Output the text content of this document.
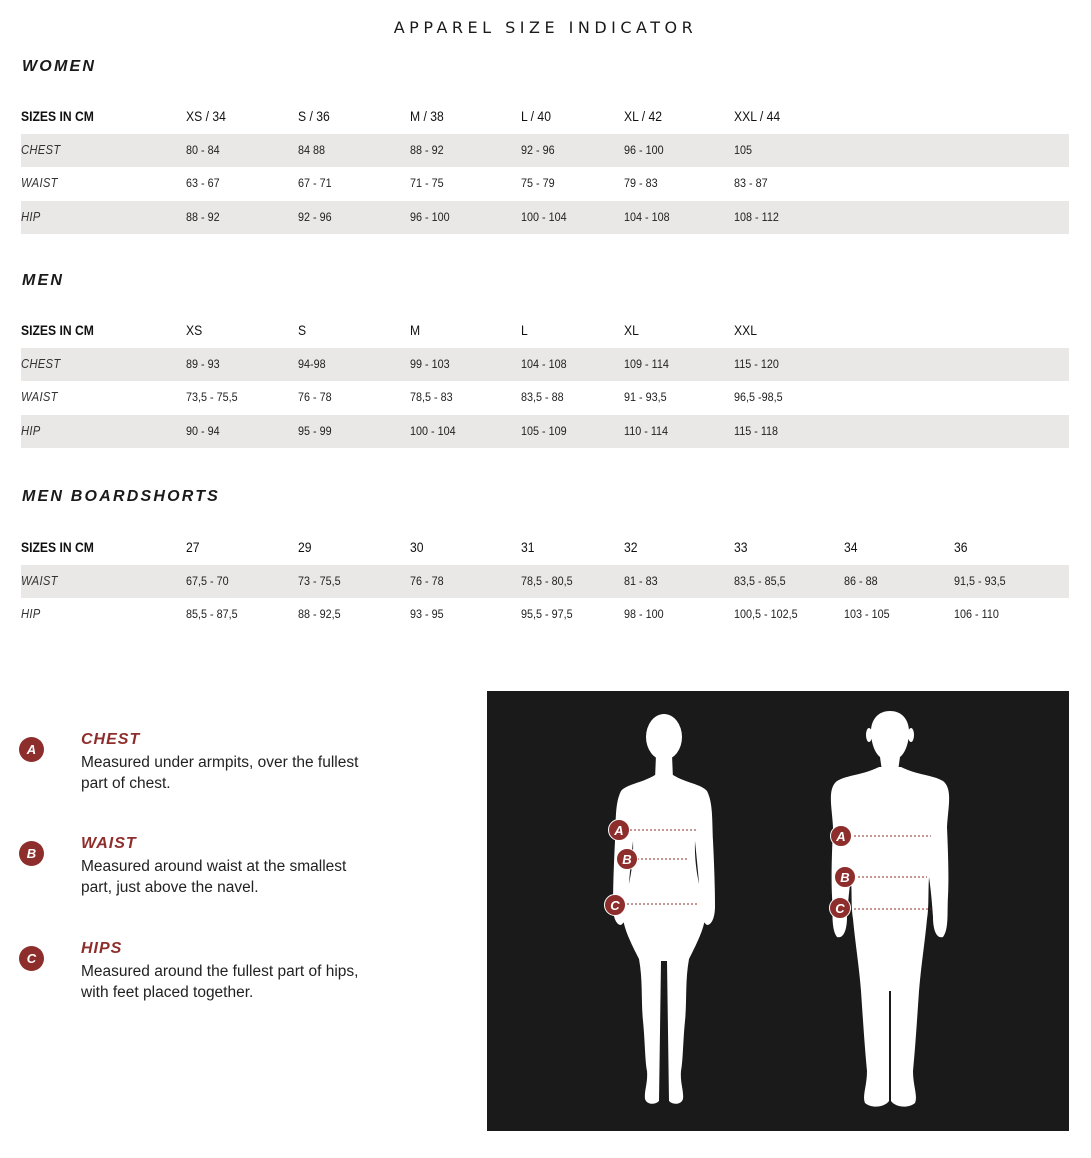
APPAREL SIZE INDICATOR
WOMEN
SIZES IN CM	XS / 34	S / 36	M / 38	L / 40	XL / 42	XXL / 44
CHEST	80 - 84	84 88	88 - 92	92 - 96	96 - 100	105
WAIST	63 - 67	67 - 71	71 - 75	75 - 79	79 - 83	83 - 87
HIP	88 - 92	92 - 96	96 - 100	100 - 104	104 - 108	108 - 112
MEN
SIZES IN CM	XS	S	M	L	XL	XXL
CHEST	89 - 93	94-98	99 - 103	104 - 108	109 - 114	115 - 120
WAIST	73,5 - 75,5	76 - 78	78,5 - 83	83,5 - 88	91 - 93,5	96,5 -98,5
HIP	90 - 94	95 - 99	100 - 104	105 - 109	110 - 114	115 - 118
MEN BOARDSHORTS
SIZES IN CM	27	29	30	31	32	33	34	36
WAIST	67,5 - 70	73 - 75,5	76 - 78	78,5 - 80,5	81 - 83	83,5 - 85,5	86 - 88	91,5 - 93,5
HIP	85,5 - 87,5	88 - 92,5	93 - 95	95,5 - 97,5	98 - 100	100,5 - 102,5	103 - 105	106 - 110
A
CHEST
Measured under armpits, over the fullest part of chest.
B
WAIST
Measured around waist at the smallest part, just above the navel.
C
HIPS
Measured around the fullest part of hips, with feet placed together.
A
B
C
A
B
C
